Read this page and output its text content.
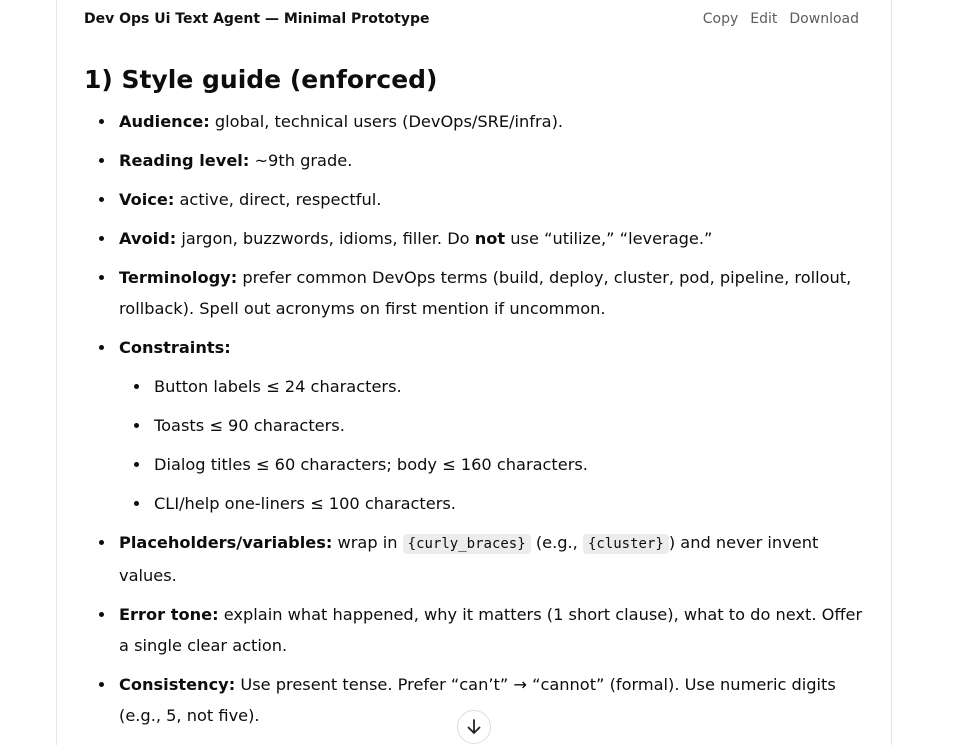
Dev Ops Ui Text Agent — Minimal Prototype	Copy Edit Download
1) Style guide (enforced)
Audience: global, technical users (DevOps/SRE/infra).
Reading level: ~9th grade.
Voice: active, direct, respectful.
Avoid: jargon, buzzwords, idioms, filler. Do not use “utilize,” “leverage.”
Terminology: prefer common DevOps terms (build, deploy, cluster, pod, pipeline, rollout, rollback). Spell out acronyms on first mention if uncommon.
Constraints:
Button labels ≤ 24 characters.
Toasts ≤ 90 characters.
Dialog titles ≤ 60 characters; body ≤ 160 characters.
CLI/help one-liners ≤ 100 characters.
Placeholders/variables: wrap in {curly_braces} (e.g., {cluster} ) and never invent values.
Error tone: explain what happened, why it matters (1 short clause), what to do next. Offer a single clear action.
Consistency: Use present tense. Prefer “can’t” → “cannot” (formal). Use numeric digits (e.g., 5, not five).
